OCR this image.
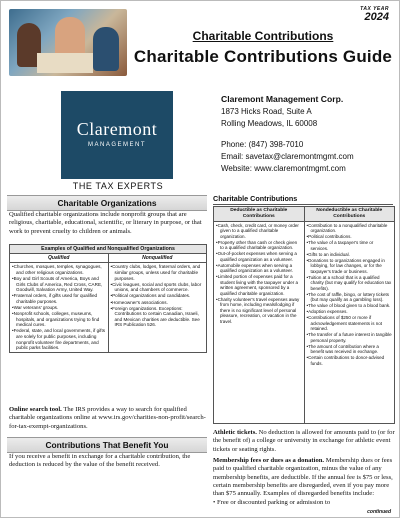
TAX YEAR
2024
Charitable Contributions
Charitable Contributions Guide
Claremont
MANAGEMENT
THE TAX EXPERTS
Claremont Management Corp.
1873 Hicks Road, Suite A
Rolling Meadows, IL 60008
Phone: (847) 398-7010
Email: savetax@claremontmgmt.com
Website: www.claremontmgmt.com
Charitable Organizations
Qualified charitable organizations include nonprofit groups that are religious, charitable, educational, scientific, or literary in purpose, or that work to prevent cruelty to children or animals.
Examples of Qualified and Nonqualified Organizations
Qualified
• Churches, mosques, temples, synagogues, and other religious organizations.
• Boy and Girl Scouts of America, Boys and Girls Clubs of America, Red Cross, CARE, Goodwill, Salvation Army, United Way.
• Fraternal orders, if gifts used for qualified charitable purposes.
• War veterans' groups.
• Nonprofit schools, colleges, museums, hospitals, and organizations trying to find medical cures.
• Federal, state, and local governments, if gifts are solely for public purposes, including nonprofit volunteer fire departments, and public parks facilities.
Nonqualified
• Country clubs, lodges, fraternal orders, and similar groups, unless used for charitable purposes.
• Civic leagues, social and sports clubs, labor unions, and chambers of commerce.
• Political organizations and candidates.
• Homeowner's associations.
• Foreign organizations. Exceptions: Contributions to certain Canadian, Israeli, and Mexican charities are deductible. See IRS Publication 526.
Online search tool. The IRS provides a way to search for qualified charitable organizations online at www.irs.gov/charities-non-profit/search-for-tax-exempt-organizations.
Contributions That Benefit You
If you receive a benefit in exchange for a charitable contribution, the deduction is reduced by the value of the benefit received.
Charitable Contributions
Deductible as Charitable Contributions
Nondeductible as Charitable Contributions
• Cash, check, credit card, or money order given to a qualified charitable organization.
• Property other than cash or check given to a qualified charitable organization.
• Out-of-pocket expenses when serving a qualified organization as a volunteer.
• Automobile expenses when serving a qualified organization as a volunteer.
• Limited portion of expenses paid for a student living with the taxpayer under a written agreement, sponsored by a qualified charitable organization.
• Charity volunteer's travel expenses away from home, including meals/lodging if there is no significant level of personal pleasure, recreation, or vacation in the travel.
• Contribution to a nonqualified charitable organization.
• Political contributions.
• The value of a taxpayer's time or services.
• Gifts to an individual.
• Donations to organizations engaged in lobbying, for law changes, or for the taxpayer's trade or business.
• Tuition at a school that is a qualified charity (but may qualify for education tax benefits).
• The cost of raffle, bingo, or lottery tickets (but may qualify as a gambling loss).
• The value of blood given to a blood bank.
• Adoption expenses.
• Contributions of $250 or more if acknowledgement statements is not retained.
• The transfer of a future interest in tangible personal property.
• The amount of contribution where a benefit was received in exchange.
• Certain contributions to donor-advised funds.
Athletic tickets. No deduction is allowed for amounts paid to (or for the benefit of) a college or university in exchange for athletic event tickets or seating rights.
Membership fees or dues as a donation. Membership dues or fees paid to qualified charitable organization, minus the value of any membership benefits, are deductible. If the annual fee is $75 or less, certain membership benefits are disregarded, even if you pay more than $75 annually. Examples of disregarded benefits include:
• Free or discounted parking or admission to
continued
